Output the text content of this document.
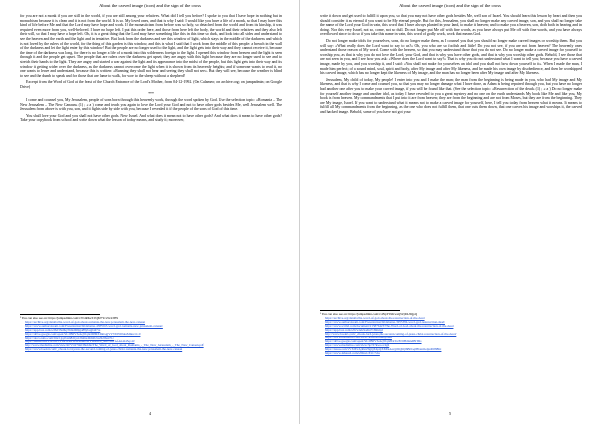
About the carved image (icon) and the sign of the cross

for you are not a monk if you are still in the world, if you are still among your relatives. What did I tell you before? I spoke to you that I have hope in nothing but in monachism because it is clean and it is not from the world. It is so. My loved ones, and that is why I said: I would like you have a life of a monk, so that I may have this kind of life before Me and that the Lord may have hope and work. If the monasticism from before was so holy, so detached from the world and from its kinship, it was required even more from you, well-beloved. I have no hope left. I put this order here, and those from here left the body, the world and their relatives and they also left their will, so that I may have a hope left. Oh, it is a great thing that the Lord may have something like this in this time so dark, and look into all sides and understand to see the heaven and the earth and the light and in tentative. But look from the darkness and see this window of light, which stays in the middle of the darkness and which is not loved by the rulers of the world, for the thing of this garden is this window, and this is what I said that I work from the middle of this people: a breach in the wall of the darkness and let the light enter by this window! But the people are no longer used to the light, and the light gets into their way and they cannot receive it, because the time of the darkness was long, for there is no longer a life of a monk into this wilderness foreign to the light. I opened this window from heaven and the light is seen through it and the people get upset. The people that are rulers over the darkness get upset; they are angry with this light because they are no longer used to see and to stretch their hands to the light. They are angry and started a war against the light and its appearance into the midst of the people, but this light gets into their way and its window it getting wider over the darkness, as the darkness cannot overcome the light when it is shown from its heavenly heights; and if someone wants to read it, no one wants to leave and understand, because this is written: «Running they shall not hear and seeing they shall not see». But they will see, because the weather is blind to see and the dumb to speak and for those that are lame to walk, for woe to the sheep without a shepherd!

Excerpt from the Word of God at the feast of the Church Entrance of the Lord's Mother, from 04-12-1992. (On Calameo; on archive.org; on jumpadmin; on Google Drive)

***

I come and counsel you, My Jerusalem, people of sons born through this heavenly work, through the word spoken by God. Use the selection topic: «Romania – The New Jerusalem – The New Canaan» (1) ; « a ) come and teach you again to love the Lord your God and not to have other gods besides Me, well Jerusalem well. The Jerusalem from above is with you, son, and it fights side by side with you, because I revealed it if the people of the sons of God of this time.

You shall love your God and you shall not have other gods. New Israel. And what does it mean not to have other gods? And what does it mean to have other gods? Take your copybook from school and write down what the lesson of today means, and study it; moreover,

¹ You can also see on: https://jumpadmin.com/r/W4RKeTJ/QM7YcZiv4/JHS

https://archive.org/details/the-word-of-god-about-romania-the-new-jerusalem-the-new-canaan
https://www.authorstream.com/Presentation/bildalanna-4385563-word-god-romania-new-jerusalem-canaan/
https://app.box.com/s/dh235n0ky5h0e069pja88yfaqjfsh7ra
https://drive.google.com/open?id=0B0V3e4ej5JqnOD8hXDkGgjVVVDNWakaMiku/ci=0
https://docs.zoho.com/file/1gqdvsm8d1ja12646e49d40cfe262f6a471c
https://issuu.com/v5EJcuVSYA5FmPO9L9sI4GWY4B/th-x_4oU7InTGfA640-Bq1dJ
http://www.mediafire.com/view/m7v5t27m6/fhiddle/The_Word_of_God_about_Romania_-_The_New_Jerusalem_-_The_New_Canaan.pdf
https://www.bookri.com/_ebook-lord-jesus-the-second-coming-of-jesus-christ-romania-the-new-jerusalem-the-new-canaan
4
About the carved image (icon) and the sign of the cross

write it down and get used to fulfill it upon you, so that you may not have other gods besides Me, well son of Israel. You should learn this lesson by heart and then you should consider it as eternal if you want to be My eternal people. But for this, Jerusalem, you shall no longer make any carved image, son, and you shall no longer take the name of the Lord your God in vain, this word that I have always planted in your land, to make it heaven; and to make you a heaven, son, doth both in hearing and in doing. Nor this very Israel, not so, come, not so dull. Do not longer put Me off with fine words, as you have always put Me off with fine words, and you have always overflowed since to do so if you take this name in vain, this word of godly work, work that means God.

Do not longer make idols for yourselves, sons, do no longer make them, as I counsel you that you should no longer make carved images or worship them. But you will say: «What really does the Lord want to say to us?» Oh, you who are so foolish and little! Do you not see, if you are not from heaven? The heavenly ones understand those reason of My word. Come with the heaven, so that you may understand those that you do not see. Do no longer make a carved image for yourself to worship you, as that is why you do not love the Lord, your God, and that is why you have other gods, and that is why you worship other gods. Behold, I see those that are not seen in you, and I see how you ask: «Where does the Lord want to say?» That is why you do not understand what I want to tell you; because you have a carved image, made by you, and you worship it, and I said: «You shall not make for yourselves an idol and you shall not bow down yourself to it». When I made the man, I made him perfect; of a sound mind, soul, spirit and body, after My image and after My likeness, and he made his own image by disobedience, and then he worshipped his carved image, which has no longer kept the likeness of My image, and the man has no longer been after My image and after My likeness.

Jerusalem, My child of today, My people! I enter into you and I make the man; the man from the beginning is being made in you, who had My image and My likeness, and that is why I come and counsel you, so that you may no longer damage what I have done, as Adam is being repaired through you, but you have no longer had another one after you to make your carved image, if you will be found like that. (See the selection topic: «Resurrection of the dead» (1) ; « a ) Do no longer make for yourself another image and another idol, as today I have revealed to you a great mystery and no one on the earth understands My book like Me and like you, My book is from heaven. My commandments that I put into it are from heaven; they are from the beginning and are not from Moses, but they are from the beginning. They are My image, Israel. If you want to understand what it means not to make a carved image for yourself, here, I tell you today from heaven what it means. It means to fulfill all My commandments from the beginning, as the one who does not fulfill them, that one cuts them down, that one carves his image and worships it, the carved and hacked image. Behold, some of you have not got your

¹ You can also see on: https://jumpadmin.com/r/4NpYbSKwsQ5ZjPAJIQpQ

https://archive.org/details/the-word-of-god-about-the-resurrection-of-the-dead
https://www.authorstream.com/Presentation/bildalanna-3955384-word-god-resurrection-dead/
https://www.scribd.com/document/215876423/The-Word-of-God-about-the-resurrection-of-the-dead
https://app.box.com/s/6vwnd2xadiu7vh9nfqd
http://www.bookri.com/_ebook-lord-jesus-the-second-coming-of-jesus-christ-resurrection-of-the-dead/
https://www.mediafire.com/view/3e99096fmmybeiu
https://drive.google.com/open?id=0B0V3e4ej5JqnPDcUzFrDHdlandBlTRs
https://www.mediafire.com/view/3p7d7kwoov4gh
https://issuu.com/vVXfEvAjRsrZhgQX4p4jXMfkAavgJiIQbljlhBtlGqlBbaniG4jadDJ88Kt
https://www.4shared.com/s/0Ku1rE1C7ciu
5
